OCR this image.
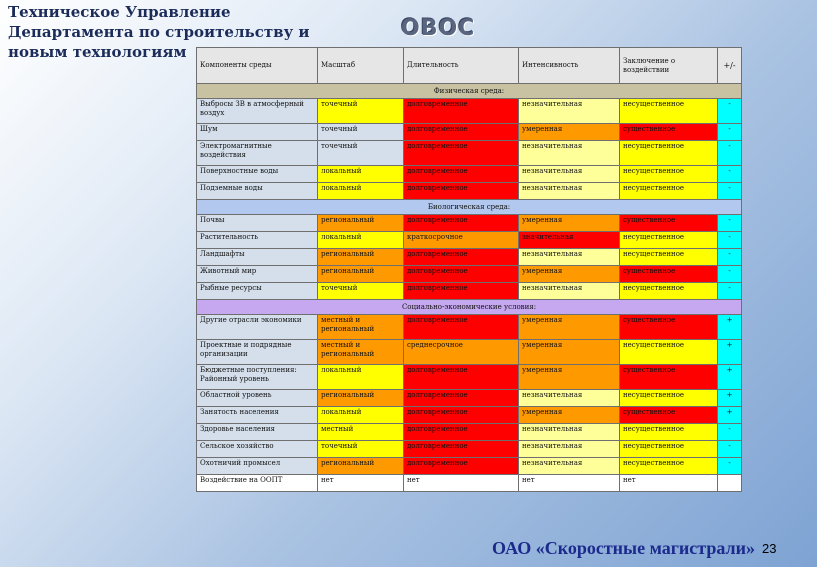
Техническое Управление
Департамента по строительству и
новым технологиям
ОВОС
Компоненты среды	Масштаб	Длительность	Интенсивность	Заключение о воздействии	+/-
Физическая среда:					
Выбросы ЗВ в атмосферный воздух	точечный	долговременное	незначительная	несущественное	-
Шум	точечный	долговременное	умеренная	существенное	-
Электромагнитные воздействия	точечный	долговременное	незначительная	несущественное	-
Поверхностные воды	локальный	долговременное	незначительная	несущественное	-
Подземные воды	локальный	долговременное	незначительная	несущественное	-
Биологическая среда:					
Почвы	региональный	долговременное	умеренная	существенное	-
Растительность	локальный	краткосрочное	значительная	несущественное	-
Ландшафты	региональный	долговременное	незначительная	несущественное	-
Животный мир	региональный	долговременное	умеренная	существенное	-
Рыбные ресурсы	точечный	долговременное	незначительная	несущественное	-
Социально-экономические условия:					
Другие отрасли экономики	местный и региональный	долговременное	умеренная	существенное	+
Проектные и подрядные организации	местный и региональный	среднесрочное	умеренная	несущественное	+
Бюджетные поступления: Районный уровень	локальный	долговременное	умеренная	существенное	+
Областной уровень	региональный	долговременное	незначительная	несущественное	+
Занятость населения	локальный	долговременное	умеренная	существенное	+
Здоровье населения	местный	долговременное	незначительная	несущественное	-
Сельское хозяйство	точечный	долговременное	незначительная	несущественное	-
Охотничий промысел	региональный	долговременное	незначительная	несущественное	-
Воздействие на ООПТ	нет	нет	нет	нет	
ОАО «Скоростные магистрали» 23
